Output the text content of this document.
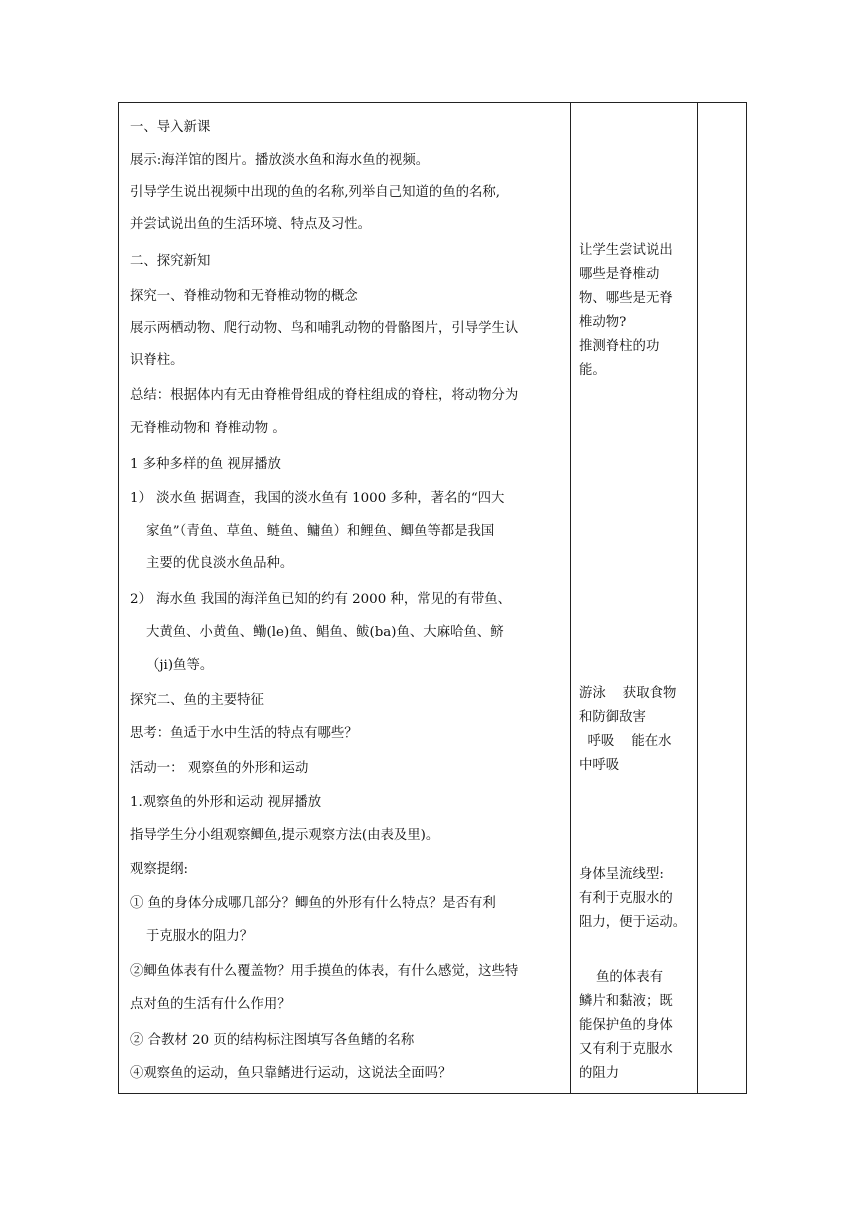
一、导入新课
展示:海洋馆的图片。播放淡水鱼和海水鱼的视频。
引导学生说出视频中出现的鱼的名称,列举自己知道的鱼的名称,
并尝试说出鱼的生活环境、特点及习性。
二、探究新知
探究一、脊椎动物和无脊椎动物的概念
展示两栖动物、爬行动物、鸟和哺乳动物的骨骼图片，引导学生认
识脊柱。
总结：根据体内有无由脊椎骨组成的脊柱组成的脊柱，将动物分为
无脊椎动物和 脊椎动物 。
1 多种多样的鱼 视屏播放
1） 淡水鱼 据调查，我国的淡水鱼有 1000 多种，著名的“四大
家鱼”（青鱼、草鱼、鲢鱼、鳙鱼）和鲤鱼、鲫鱼等都是我国
主要的优良淡水鱼品种。
2） 海水鱼 我国的海洋鱼已知的约有 2000 种，常见的有带鱼、
大黄鱼、小黄鱼、鳓(le)鱼、鲳鱼、鲅(ba)鱼、大麻哈鱼、鲚
（ji)鱼等。
探究二、鱼的主要特征
思考：鱼适于水中生活的特点有哪些？
活动一： 观察鱼的外形和运动
1.观察鱼的外形和运动 视屏播放
指导学生分小组观察鲫鱼,提示观察方法(由表及里)。
观察提纲:
① 鱼的身体分成哪几部分？鲫鱼的外形有什么特点？是否有利
于克服水的阻力？
②鲫鱼体表有什么覆盖物？用手摸鱼的体表，有什么感觉，这些特
点对鱼的生活有什么作用？
② 合教材 20 页的结构标注图填写各鱼鳍的名称
④观察鱼的运动，鱼只靠鳍进行运动，这说法全面吗？

让学生尝试说出
哪些是脊椎动
物、哪些是无脊
椎动物?
推测脊柱的功
能。
游泳    获取食物
和防御敌害
呼吸    能在水
中呼吸
身体呈流线型:
有利于克服水的
阻力，便于运动。
鱼的体表有
鳞片和黏液；既
能保护鱼的身体
又有利于克服水
的阻力
